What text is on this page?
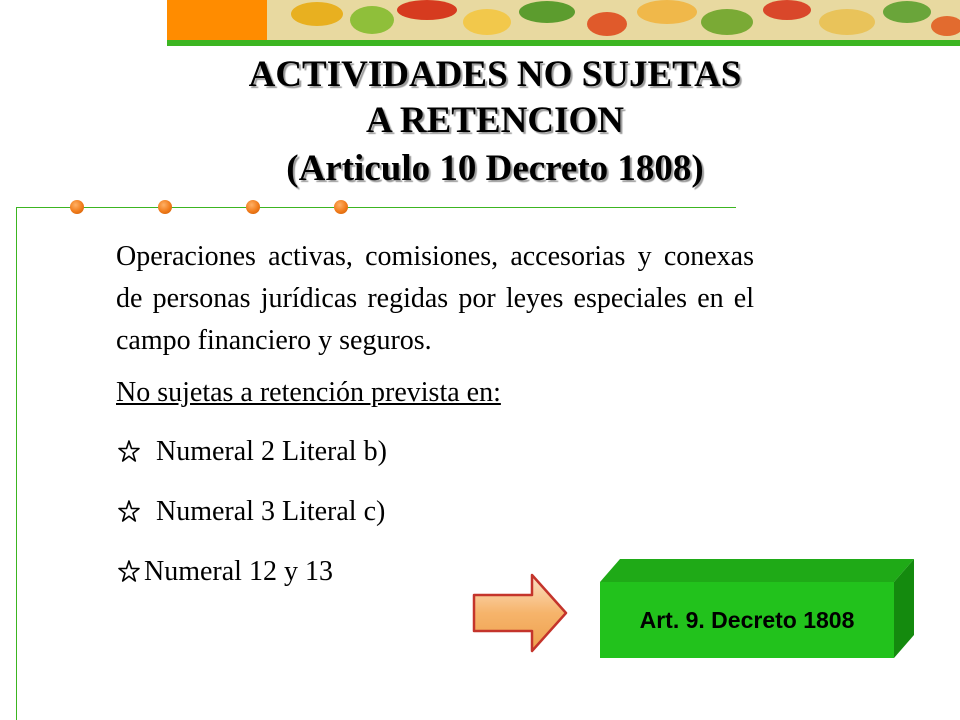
ACTIVIDADES NO SUJETAS
A RETENCION
(Articulo 10 Decreto 1808)

Operaciones activas, comisiones, accesorias y conexas de personas jurídicas regidas por leyes especiales en el campo financiero y seguros.

No sujetas a retención prevista en:

Numeral 2 Literal b)
Numeral 3 Literal c)
Numeral 12 y 13
Art. 9. Decreto 1808
